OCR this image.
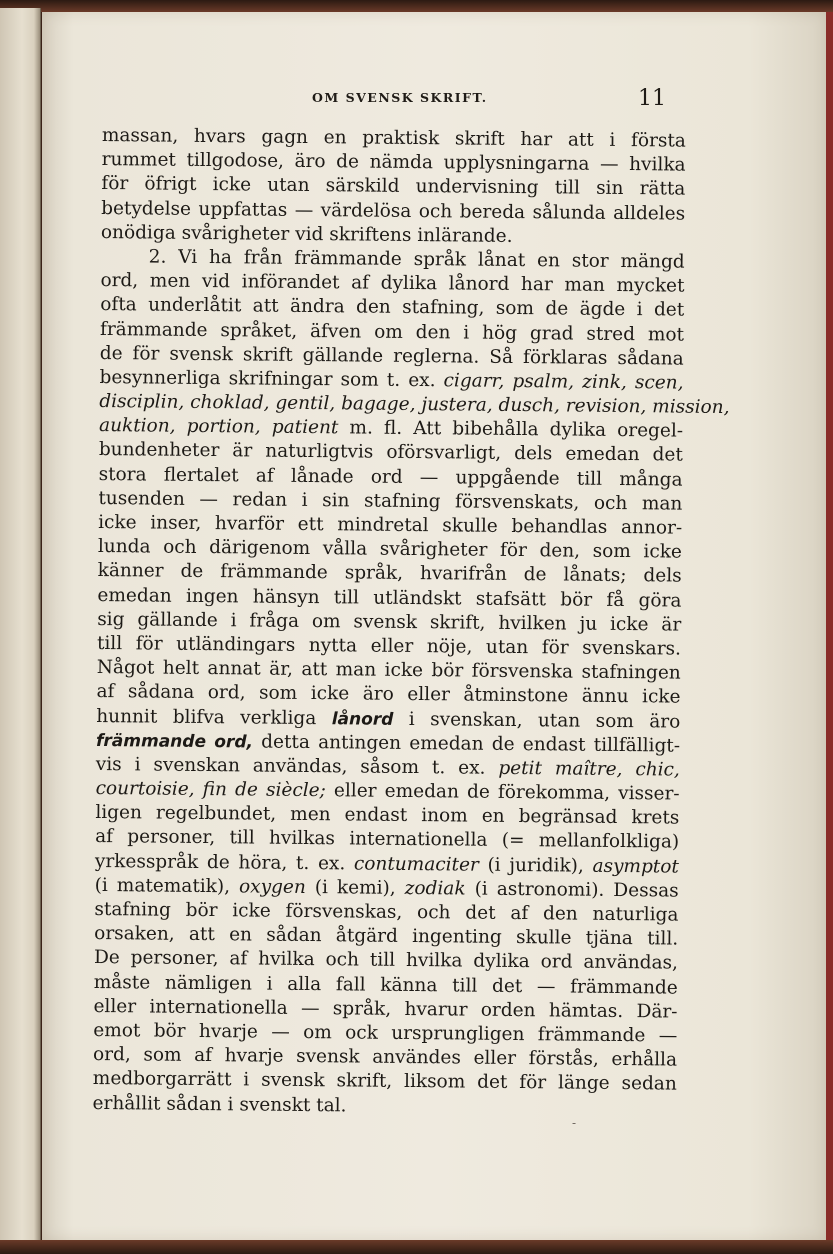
OM SVENSK SKRIFT.	11
massan, hvars gagn en praktisk skrift har att i första
rummet tillgodose, äro de nämda upplysningarna — hvilka
för öfrigt icke utan särskild undervisning till sin rätta
betydelse uppfattas — värdelösa och bereda sålunda alldeles
onödiga svårigheter vid skriftens inlärande.
2. Vi ha från främmande språk lånat en stor mängd
ord, men vid införandet af dylika lånord har man mycket
ofta underlåtit att ändra den stafning, som de ägde i det
främmande språket, äfven om den i hög grad stred mot
de för svensk skrift gällande reglerna. Så förklaras sådana
besynnerliga skrifningar som t. ex. cigarr, psalm, zink, scen,
disciplin, choklad, gentil, bagage, justera, dusch, revision, mission,
auktion, portion, patient m. fl. Att bibehålla dylika oregel-
bundenheter är naturligtvis oförsvarligt, dels emedan det
stora flertalet af lånade ord — uppgående till många
tusenden — redan i sin stafning försvenskats, och man
icke inser, hvarför ett mindretal skulle behandlas annor-
lunda och därigenom vålla svårigheter för den, som icke
känner de främmande språk, hvarifrån de lånats; dels
emedan ingen hänsyn till utländskt stafsätt bör få göra
sig gällande i fråga om svensk skrift, hvilken ju icke är
till för utländingars nytta eller nöje, utan för svenskars.
Något helt annat är, att man icke bör försvenska stafningen
af sådana ord, som icke äro eller åtminstone ännu icke
hunnit blifva verkliga lånord i svenskan, utan som äro
främmande ord, detta antingen emedan de endast tillfälligt-
vis i svenskan användas, såsom t. ex. petit maître, chic,
courtoisie, fin de siècle; eller emedan de förekomma, visser-
ligen regelbundet, men endast inom en begränsad krets
af personer, till hvilkas internationella (= mellanfolkliga)
yrkesspråk de höra, t. ex. contumaciter (i juridik), asymptot
(i matematik), oxygen (i kemi), zodiak (i astronomi). Dessas
stafning bör icke försvenskas, och det af den naturliga
orsaken, att en sådan åtgärd ingenting skulle tjäna till.
De personer, af hvilka och till hvilka dylika ord användas,
måste nämligen i alla fall känna till det — främmande
eller internationella — språk, hvarur orden hämtas. Där-
emot bör hvarje — om ock ursprungligen främmande —
ord, som af hvarje svensk användes eller förstås, erhålla
medborgarrätt i svensk skrift, liksom det för länge sedan
erhållit sådan i svenskt tal.
-
